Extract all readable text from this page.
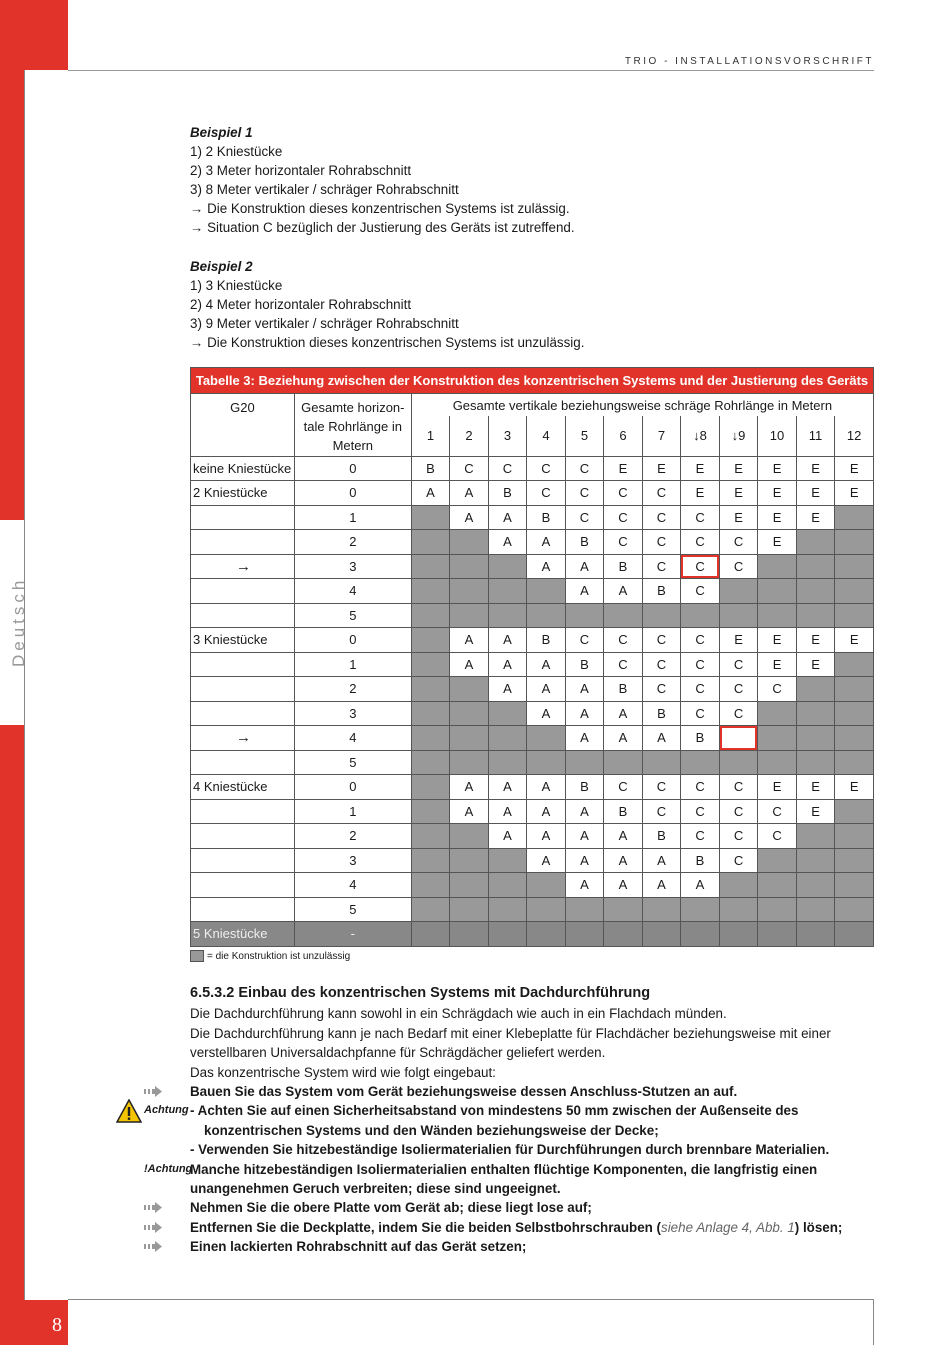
TRIO - INSTALLATIONSVORSCHRIFT
Deutsch
8
Beispiel 1
1) 2 Kniestücke
2) 3 Meter horizontaler Rohrabschnitt
3) 8 Meter vertikaler / schräger Rohrabschnitt
→ Die Konstruktion dieses konzentrischen Systems ist zulässig.
→ Situation C bezüglich der Justierung des Geräts ist zutreffend.
Beispiel 2
1) 3 Kniestücke
2) 4 Meter horizontaler Rohrabschnitt
3) 9 Meter vertikaler / schräger Rohrabschnitt
→ Die Konstruktion dieses konzentrischen Systems ist unzulässig.
Tabelle 3: Beziehung zwischen der Konstruktion des konzentrischen Systems und der Justierung des Geräts													
G20	Gesamte horizon-tale Rohrlänge in Metern	Gesamte vertikale beziehungsweise schräge Rohrlänge in Metern											
		1	2	3	4	5	6	7	↓8	↓9	10	11	12
keine Kniestücke	0	B	C	C	C	C	E	E	E	E	E	E	E
2 Kniestücke	0	A	A	B	C	C	C	C	E	E	E	E	E
	1		A	A	B	C	C	C	C	E	E	E	
	2			A	A	B	C	C	C	C	E		
→	3				A	A	B	C	C	C			
	4					A	A	B	C				
	5												
3 Kniestücke	0		A	A	B	C	C	C	C	E	E	E	E
	1		A	A	A	B	C	C	C	C	E	E	
	2			A	A	A	B	C	C	C	C		
	3				A	A	A	B	C	C			
→	4					A	A	A	B				
	5												
4 Kniestücke	0		A	A	A	B	C	C	C	C	E	E	E
	1		A	A	A	A	B	C	C	C	C	E	
	2			A	A	A	A	B	C	C	C		
	3				A	A	A	A	B	C			
	4					A	A	A	A				
	5												
5 Kniestücke	-												
= die Konstruktion ist unzulässig
6.5.3.2 Einbau des konzentrischen Systems mit Dachdurchführung

Die Dachdurchführung kann sowohl in ein Schrägdach wie auch in ein Flachdach münden.

Die Dachdurchführung kann je nach Bedarf mit einer Klebeplatte für Flachdächer beziehungsweise mit einer verstellbaren Universaldachpfanne für Schrägdächer geliefert werden.

Das konzentrische System wird wie folgt eingebaut:

Bauen Sie das System vom Gerät beziehungsweise dessen Anschluss-Stutzen an auf.
Achtung - Achten Sie auf einen Sicherheitsabstand von mindestens 50 mm zwischen der Außenseite des konzentrischen Systems und den Wänden beziehungsweise der Decke;
- Verwenden Sie hitzebeständige Isoliermaterialien für Durchführungen durch brennbare Materialien.
!Achtung
Manche hitzebeständigen Isoliermaterialien enthalten flüchtige Komponenten, die langfristig einen unangenehmen Geruch verbreiten; diese sind ungeeignet.
Nehmen Sie die obere Platte vom Gerät ab; diese liegt lose auf;
Entfernen Sie die Deckplatte, indem Sie die beiden Selbstbohrschrauben (siehe Anlage 4, Abb. 1) lösen;
Einen lackierten Rohrabschnitt auf das Gerät setzen;
